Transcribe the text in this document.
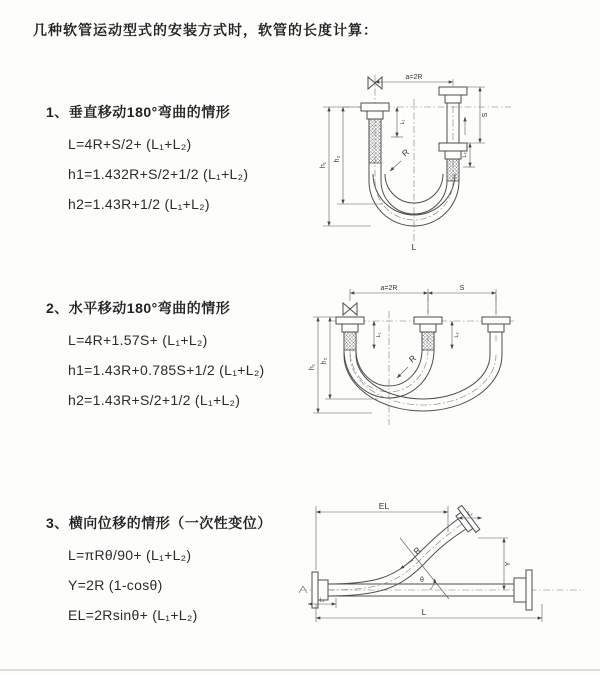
几种软管运动型式的安装方式时，软管的长度计算：

1、垂直移动180°弯曲的情形

L=4R+S/2+ (L₁+L₂)

h1=1.432R+S/2+1/2 (L₁+L₂)

h2=1.43R+1/2 (L₁+L₂)

a=2R
S
L₂
L₁
h₁
h₂
R
L

2、水平移动180°弯曲的情形

L=4R+1.57S+ (L₁+L₂)

h1=1.43R+0.785S+1/2 (L₁+L₂)

h2=1.43R+S/2+1/2 (L₁+L₂)

a=2R	S
L₁	L₂
h₁
h₂	R

3、横向位移的情形（一次性变位）

L=πRθ/90+ (L₁+L₂)

Y=2R (1-cosθ)

EL=2Rsinθ+ (L₁+L₂)

θ
EL
L₂
Y
L
L₁
R
